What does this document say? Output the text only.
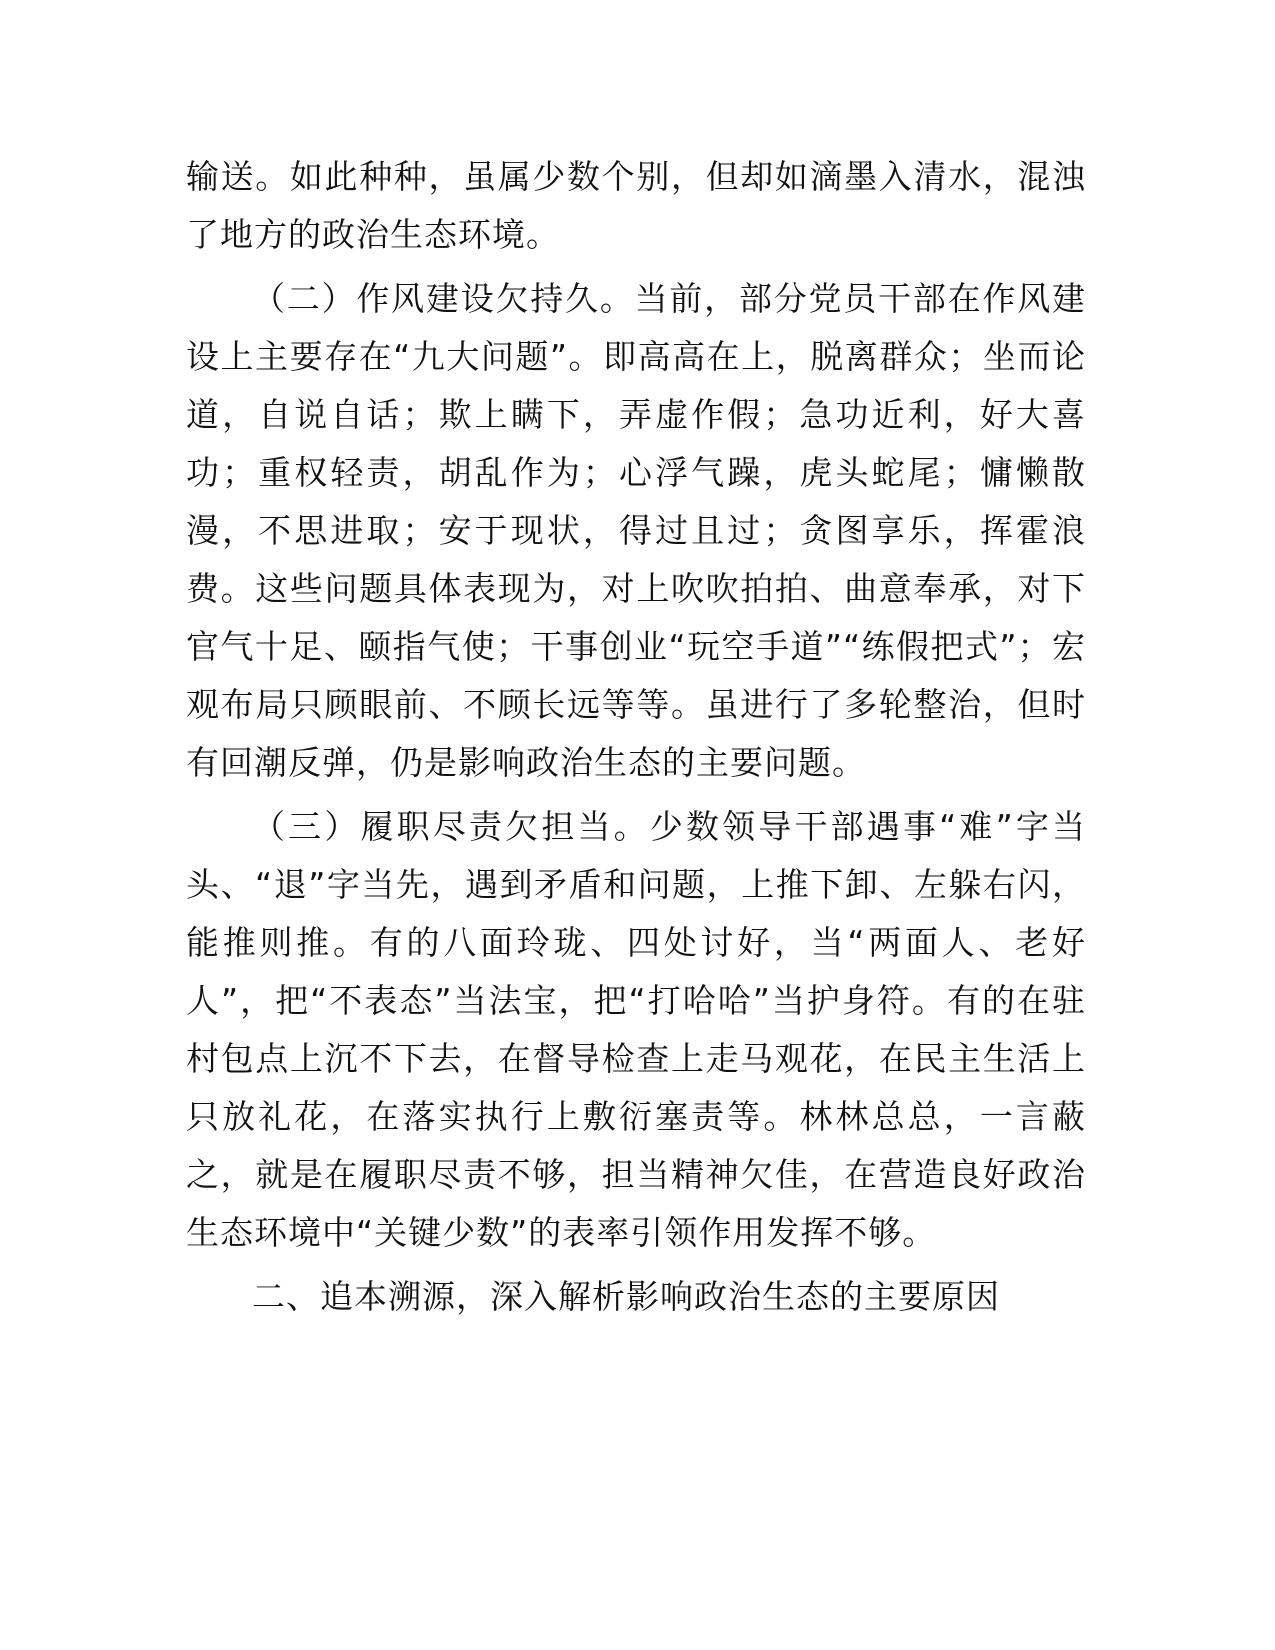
输送。如此种种，虽属少数个别，但却如滴墨入清水，混浊了地方的政治生态环境。

（二）作风建设欠持久。当前，部分党员干部在作风建设上主要存在“九大问题”。即高高在上，脱离群众；坐而论道，自说自话；欺上瞒下，弄虚作假；急功近利，好大喜功；重权轻责，胡乱作为；心浮气躁，虎头蛇尾；慵懒散漫，不思进取；安于现状，得过且过；贪图享乐，挥霍浪费。这些问题具体表现为，对上吹吹拍拍、曲意奉承，对下官气十足、颐指气使；干事创业“玩空手道”“练假把式”；宏观布局只顾眼前、不顾长远等等。虽进行了多轮整治，但时有回潮反弹，仍是影响政治生态的主要问题。

（三）履职尽责欠担当。少数领导干部遇事“难”字当头、“退”字当先，遇到矛盾和问题，上推下卸、左躲右闪，能推则推。有的八面玲珑、四处讨好，当“两面人、老好人”，把“不表态”当法宝，把“打哈哈”当护身符。有的在驻村包点上沉不下去，在督导检查上走马观花，在民主生活上只放礼花，在落实执行上敷衍塞责等。林林总总，一言蔽之，就是在履职尽责不够，担当精神欠佳，在营造良好政治生态环境中“关键少数”的表率引领作用发挥不够。

二、追本溯源，深入解析影响政治生态的主要原因
